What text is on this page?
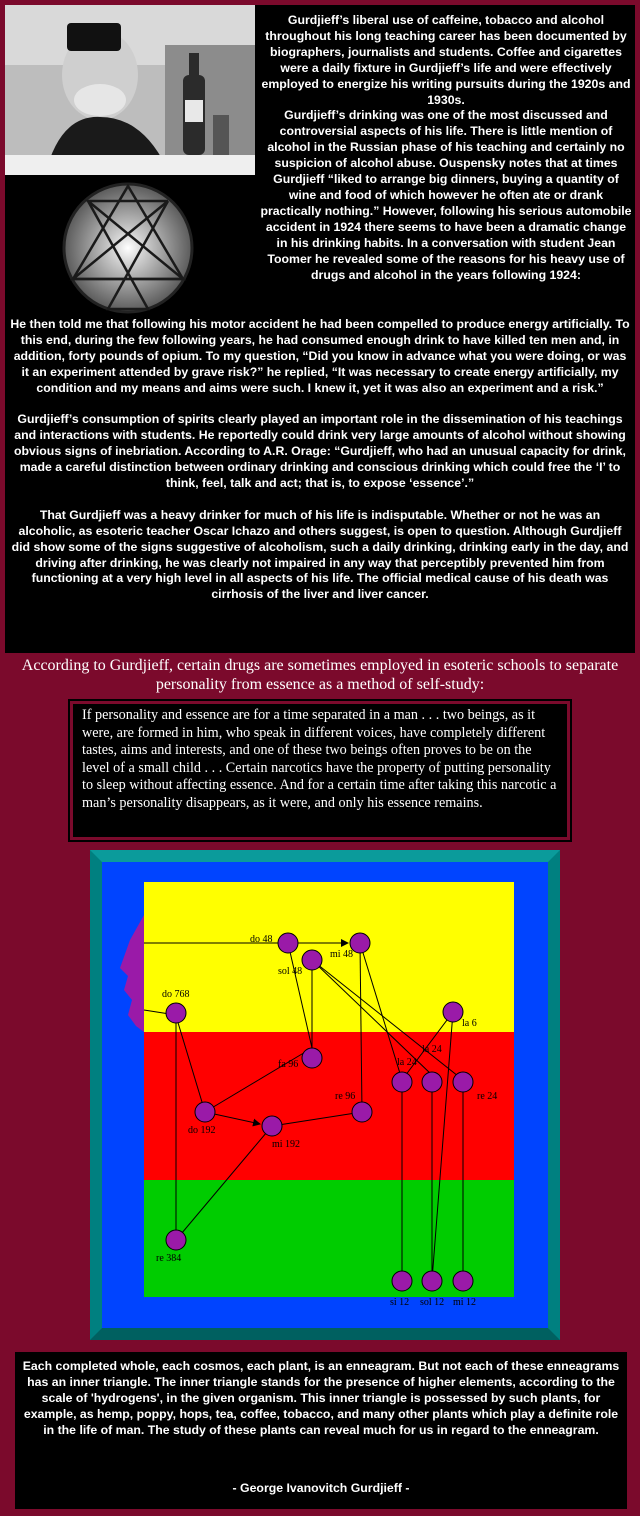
Gurdjieff’s liberal use of caffeine, tobacco and alcohol throughout his long teaching career has been documented by biographers, journalists and students. Coffee and cigarettes were a daily fixture in Gurdjieff’s life and were effectively employed to energize his writing pursuits during the 1920s and 1930s.

Gurdjieff’s drinking was one of the most discussed and controversial aspects of his life. There is little mention of alcohol in the Russian phase of his teaching and certainly no suspicion of alcohol abuse. Ouspensky notes that at times Gurdjieff “liked to arrange big dinners, buying a quantity of wine and food of which however he often ate or drank practically nothing.” However, following his serious automobile accident in 1924 there seems to have been a dramatic change in his drinking habits. In a conversation with student Jean Toomer he revealed some of the reasons for his heavy use of drugs and alcohol in the years following 1924:

He then told me that following his motor accident he had been compelled to produce energy artificially. To this end, during the few following years, he had consumed enough drink to have killed ten men and, in addition, forty pounds of opium. To my question, “Did you know in advance what you were doing, or was it an experiment attended by grave risk?” he replied, “It was necessary to create energy artificially, my condition and my means and aims were such. I knew it, yet it was also an experiment and a risk.”

Gurdjieff’s consumption of spirits clearly played an important role in the dissemination of his teachings and interactions with students. He reportedly could drink very large amounts of alcohol without showing obvious signs of inebriation. According to A.R. Orage: “Gurdjieff, who had an unusual capacity for drink, made a careful distinction between ordinary drinking and conscious drinking which could free the ‘I’ to think, feel, talk and act; that is, to expose ‘essence’.”

That Gurdjieff was a heavy drinker for much of his life is indisputable. Whether or not he was an alcoholic, as esoteric teacher Oscar Ichazo and others suggest, is open to question. Although Gurdjieff did show some of the signs suggestive of alcoholism, such a daily drinking, drinking early in the day, and driving after drinking, he was clearly not impaired in any way that perceptibly prevented him from functioning at a very high level in all aspects of his life. The official medical cause of his death was cirrhosis of the liver and liver cancer.

According to Gurdjieff, certain drugs are sometimes employed in esoteric schools to separate personality from essence as a method of self-study:

If personality and essence are for a time separated in a man . . . two beings, as it were, are formed in him, who speak in different voices, have completely different tastes, aims and interests, and one of these two beings often proves to be on the level of a small child . . . Certain narcotics have the property of putting personality to sleep without affecting essence. And for a certain time after taking this narcotic a man’s personality disappears, as it were, and only his essence remains.

do 48
mi 48
sol 48
do 768
la 6
fa 96	la 24
la 24
re 24
re 96
do 192
mi 192
re 384
si 12 sol 12 mi 12

Each completed whole, each cosmos, each plant, is an enneagram. But not each of these enneagrams has an inner triangle. The inner triangle stands for the presence of higher elements, according to the scale of 'hydrogens', in the given organism. This inner triangle is possessed by such plants, for example, as hemp, poppy, hops, tea, coffee, tobacco, and many other plants which play a definite role in the life of man. The study of these plants can reveal much for us in regard to the enneagram.

- George Ivanovitch Gurdjieff -
